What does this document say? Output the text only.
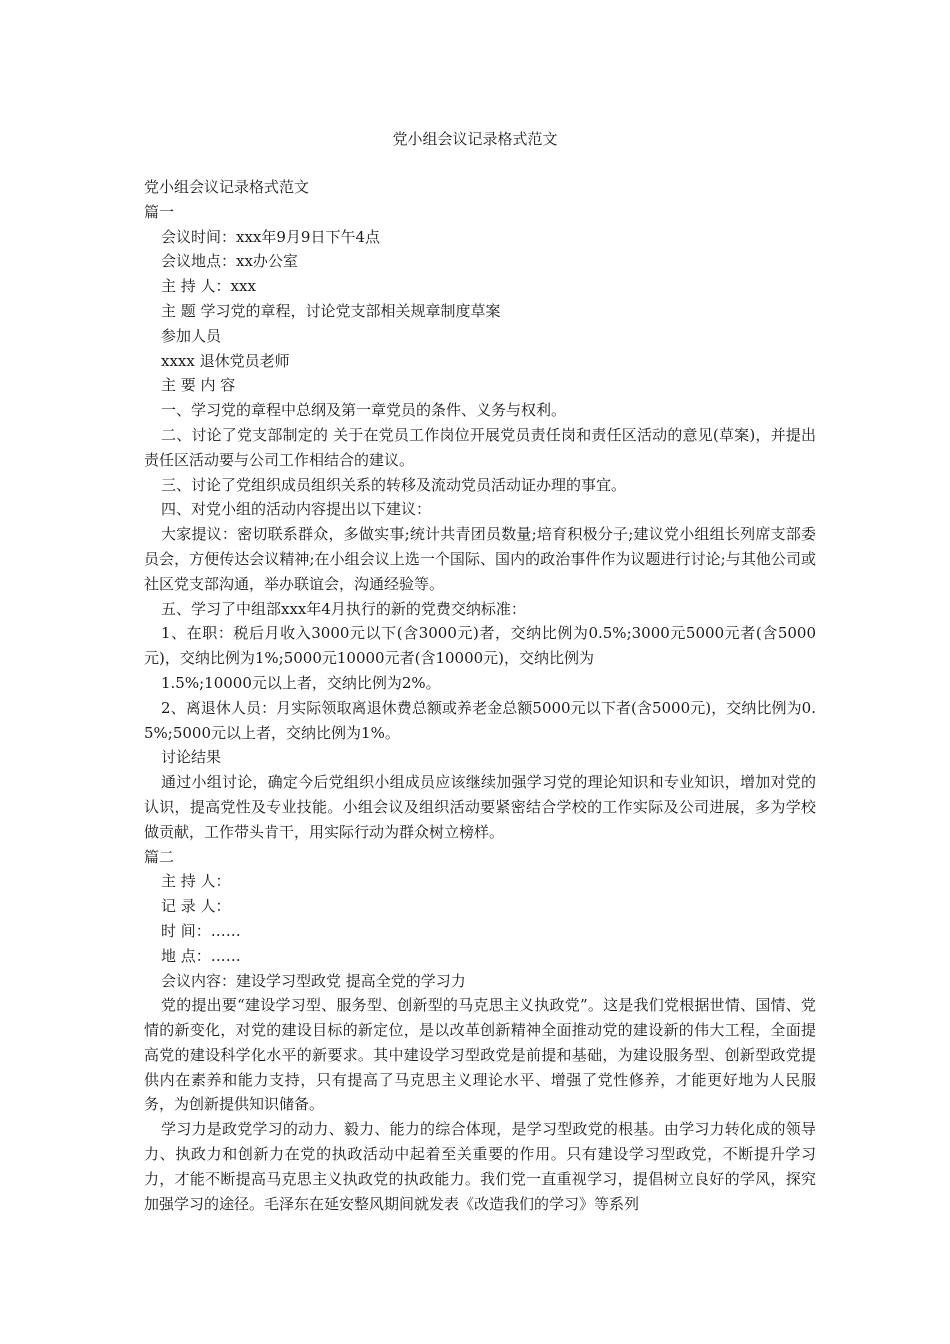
党小组会议记录格式范文

党小组会议记录格式范文

篇一

会议时间：xxx年9月9日下午4点

会议地点：xx办公室

主 持 人：xxx

主 题 学习党的章程，讨论党支部相关规章制度草案

参加人员

xxxx 退休党员老师

主 要 内 容

一、学习党的章程中总纲及第一章党员的条件、义务与权利。

二、讨论了党支部制定的 关于在党员工作岗位开展党员责任岗和责任区活动的意见(草案)，并提出责任区活动要与公司工作相结合的建议。

三、讨论了党组织成员组织关系的转移及流动党员活动证办理的事宜。

四、对党小组的活动内容提出以下建议：

大家提议：密切联系群众，多做实事;统计共青团员数量;培育积极分子;建议党小组组长列席支部委员会，方便传达会议精神;在小组会议上选一个国际、国内的政治事件作为议题进行讨论;与其他公司或社区党支部沟通，举办联谊会，沟通经验等。

五、学习了中组部xxx年4月执行的新的党费交纳标准：

1、在职：税后月收入3000元以下(含3000元)者，交纳比例为0.5%;3000元5000元者(含5000元)，交纳比例为1%;5000元10000元者(含10000元)，交纳比例为

1.5%;10000元以上者，交纳比例为2%。

2、离退休人员：月实际领取离退休费总额或养老金总额5000元以下者(含5000元)，交纳比例为0.5%;5000元以上者，交纳比例为1%。

讨论结果

通过小组讨论，确定今后党组织小组成员应该继续加强学习党的理论知识和专业知识，增加对党的认识，提高党性及专业技能。小组会议及组织活动要紧密结合学校的工作实际及公司进展，多为学校做贡献，工作带头肯干，用实际行动为群众树立榜样。

篇二

主 持 人：

记 录 人：

时 间：……

地 点：……

会议内容：建设学习型政党 提高全党的学习力

党的提出要“建设学习型、服务型、创新型的马克思主义执政党”。这是我们党根据世情、国情、党情的新变化，对党的建设目标的新定位，是以改革创新精神全面推动党的建设新的伟大工程，全面提高党的建设科学化水平的新要求。其中建设学习型政党是前提和基础，为建设服务型、创新型政党提供内在素养和能力支持，只有提高了马克思主义理论水平、增强了党性修养，才能更好地为人民服务，为创新提供知识储备。

学习力是政党学习的动力、毅力、能力的综合体现，是学习型政党的根基。由学习力转化成的领导力、执政力和创新力在党的执政活动中起着至关重要的作用。只有建设学习型政党，不断提升学习力，才能不断提高马克思主义执政党的执政能力。我们党一直重视学习，提倡树立良好的学风，探究加强学习的途径。毛泽东在延安整风期间就发表《改造我们的学习》等系列
